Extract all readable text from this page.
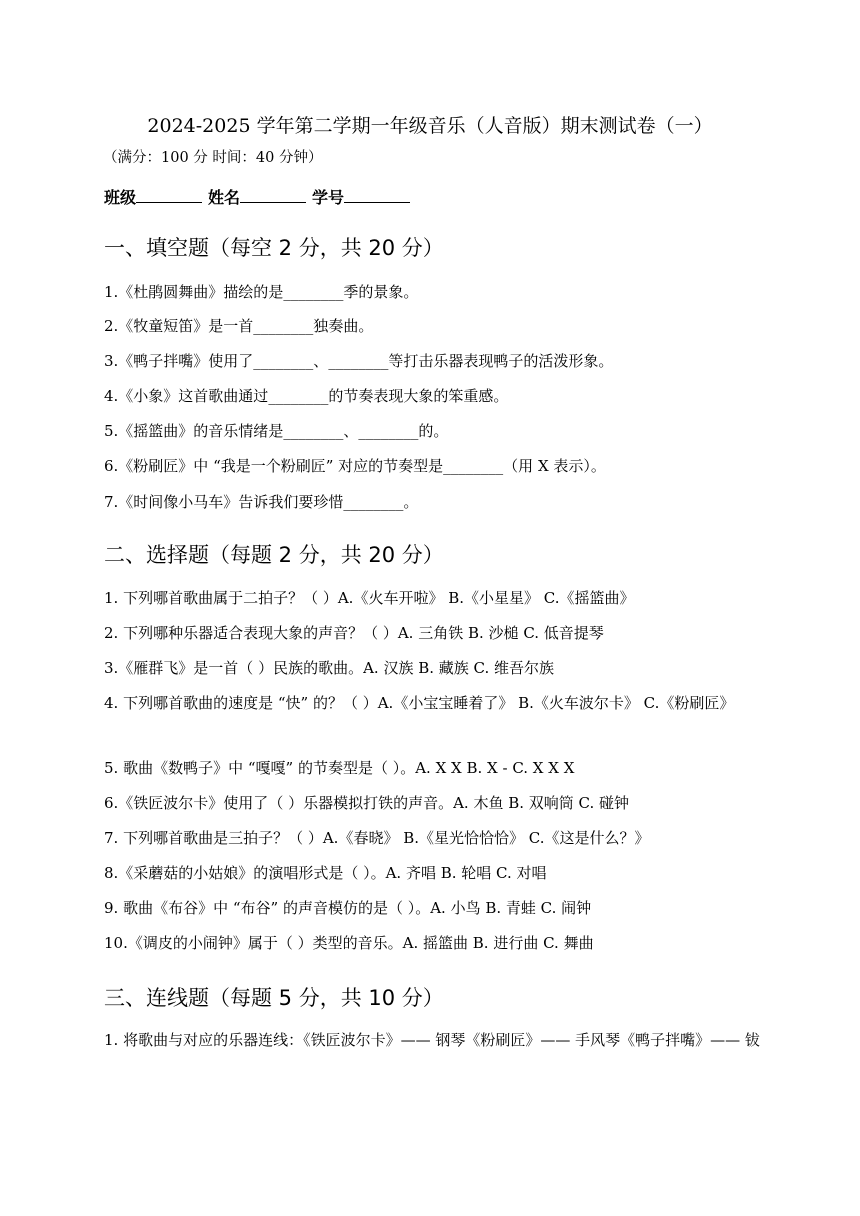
2024-2025 学年第二学期一年级音乐（人音版）期末测试卷（一）
（满分：100 分 时间：40 分钟）
班级	姓名	学号
一、填空题（每空 2 分，共 20 分）
1.《杜鹃圆舞曲》描绘的是________季的景象。
2.《牧童短笛》是一首________独奏曲。
3.《鸭子拌嘴》使用了________、________等打击乐器表现鸭子的活泼形象。
4.《小象》这首歌曲通过________的节奏表现大象的笨重感。
5.《摇篮曲》的音乐情绪是________、________的。
6.《粉刷匠》中 “我是一个粉刷匠” 对应的节奏型是________（用 X 表示）。
7.《时间像小马车》告诉我们要珍惜________。
二、选择题（每题 2 分，共 20 分）
1. 下列哪首歌曲属于二拍子？（ ）A.《火车开啦》 B.《小星星》 C.《摇篮曲》
2. 下列哪种乐器适合表现大象的声音？（ ）A. 三角铁 B. 沙槌 C. 低音提琴
3.《雁群飞》是一首（ ）民族的歌曲。A. 汉族 B. 藏族 C. 维吾尔族
4. 下列哪首歌曲的速度是 “快” 的？（ ）A.《小宝宝睡着了》 B.《火车波尔卡》 C.《粉刷匠》
5. 歌曲《数鸭子》中 “嘎嘎” 的节奏型是（ ）。A. X X B. X - C. X X X
6.《铁匠波尔卡》使用了（ ）乐器模拟打铁的声音。A. 木鱼 B. 双响筒 C. 碰钟
7. 下列哪首歌曲是三拍子？（ ）A.《春晓》 B.《星光恰恰恰》 C.《这是什么？》
8.《采蘑菇的小姑娘》的演唱形式是（ ）。A. 齐唱 B. 轮唱 C. 对唱
9. 歌曲《布谷》中 “布谷” 的声音模仿的是（ ）。A. 小鸟 B. 青蛙 C. 闹钟
10.《调皮的小闹钟》属于（ ）类型的音乐。A. 摇篮曲 B. 进行曲 C. 舞曲
三、连线题（每题 5 分，共 10 分）
1. 将歌曲与对应的乐器连线：《铁匠波尔卡》—— 钢琴《粉刷匠》—— 手风琴《鸭子拌嘴》—— 钹
